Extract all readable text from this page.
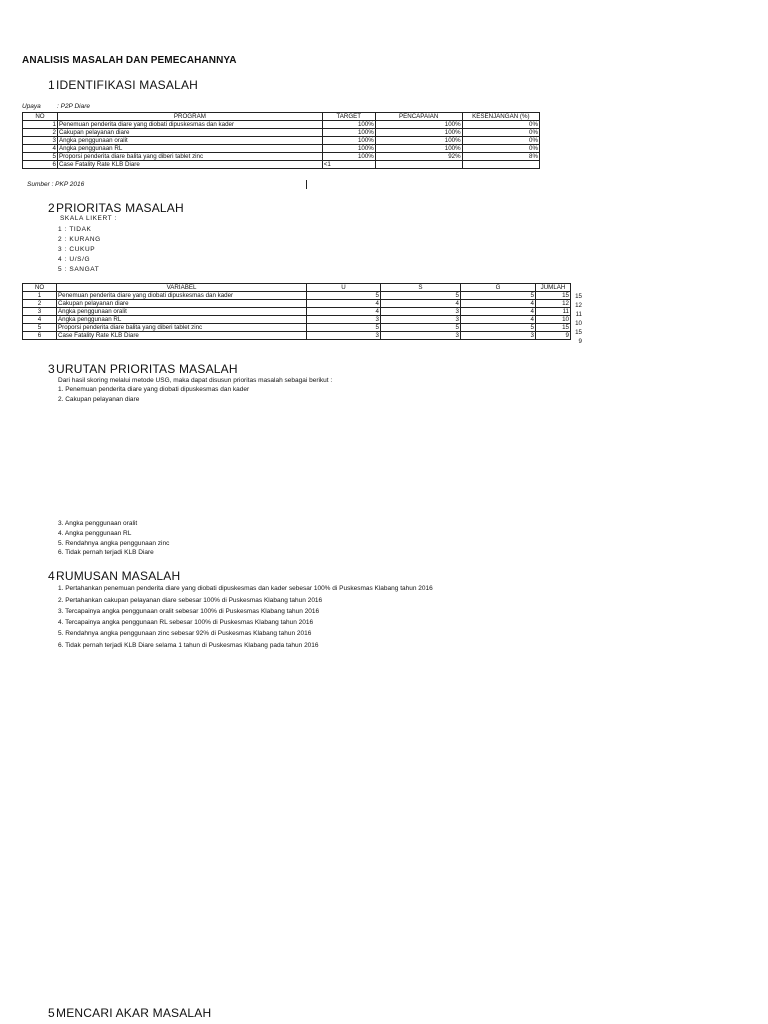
ANALISIS MASALAH DAN PEMECAHANNYA
1IDENTIFIKASI MASALAH
Upaya : P2P Diare
NO	PROGRAM	TARGET	PENCAPAIAN	KESENJANGAN (%)
1	Penemuan penderita diare yang diobati dipuskesmas dan kader	100%	100%	0%
2	Cakupan pelayanan diare	100%	100%	0%
3	Angka penggunaan oralit	100%	100%	0%
4	Angka penggunaan RL	100%	100%	0%
5	Proporsi penderita diare balita yang diberi tablet zinc	100%	92%	8%
6	Case Fatality Rate KLB Diare	<1		
Sumber : PKP 2016
2PRIORITAS MASALAH
SKALA LIKERT :
1 : TIDAK
2 : KURANG
3 : CUKUP
4 : U/S/G
5 : SANGAT
NO	VARIABEL	U	S	G	JUMLAH
1	Penemuan penderita diare yang diobati dipuskesmas dan kader	5	5	5	15
2	Cakupan pelayanan diare	4	4	4	12
3	Angka penggunaan oralit	4	3	4	11
4	Angka penggunaan RL	3	3	4	10
5	Proporsi penderita diare balita yang diberi tablet zinc	5	5	5	15
6	Case Fatality Rate KLB Diare	3	3	3	9
15
12
11
10
15
9
3URUTAN PRIORITAS MASALAH
Dari hasil skoring melalui metode USG, maka dapat disusun prioritas masalah sebagai berikut :
1. Penemuan penderita diare yang diobati dipuskesmas dan kader
2. Cakupan pelayanan diare
3. Angka penggunaan oralit
4. Angka penggunaan RL
5. Rendahnya angka penggunaan zinc
6. Tidak pernah terjadi KLB Diare
4RUMUSAN MASALAH
1. Pertahankan penemuan penderita diare yang diobati dipuskesmas dan kader sebesar 100% di Puskesmas Klabang tahun 2016
2. Pertahankan cakupan pelayanan diare sebesar 100% di Puskesmas Klabang tahun 2016
3. Tercapainya angka penggunaan oralit sebesar 100% di Puskesmas Klabang tahun 2016
4. Tercapainya angka penggunaan RL sebesar 100% di Puskesmas Klabang tahun 2016
5. Rendahnya angka penggunaan zinc sebesar 92% di Puskesmas Klabang tahun 2016
6. Tidak pernah terjadi KLB Diare selama 1 tahun di Puskesmas Klabang pada tahun 2016
5MENCARI AKAR MASALAH
